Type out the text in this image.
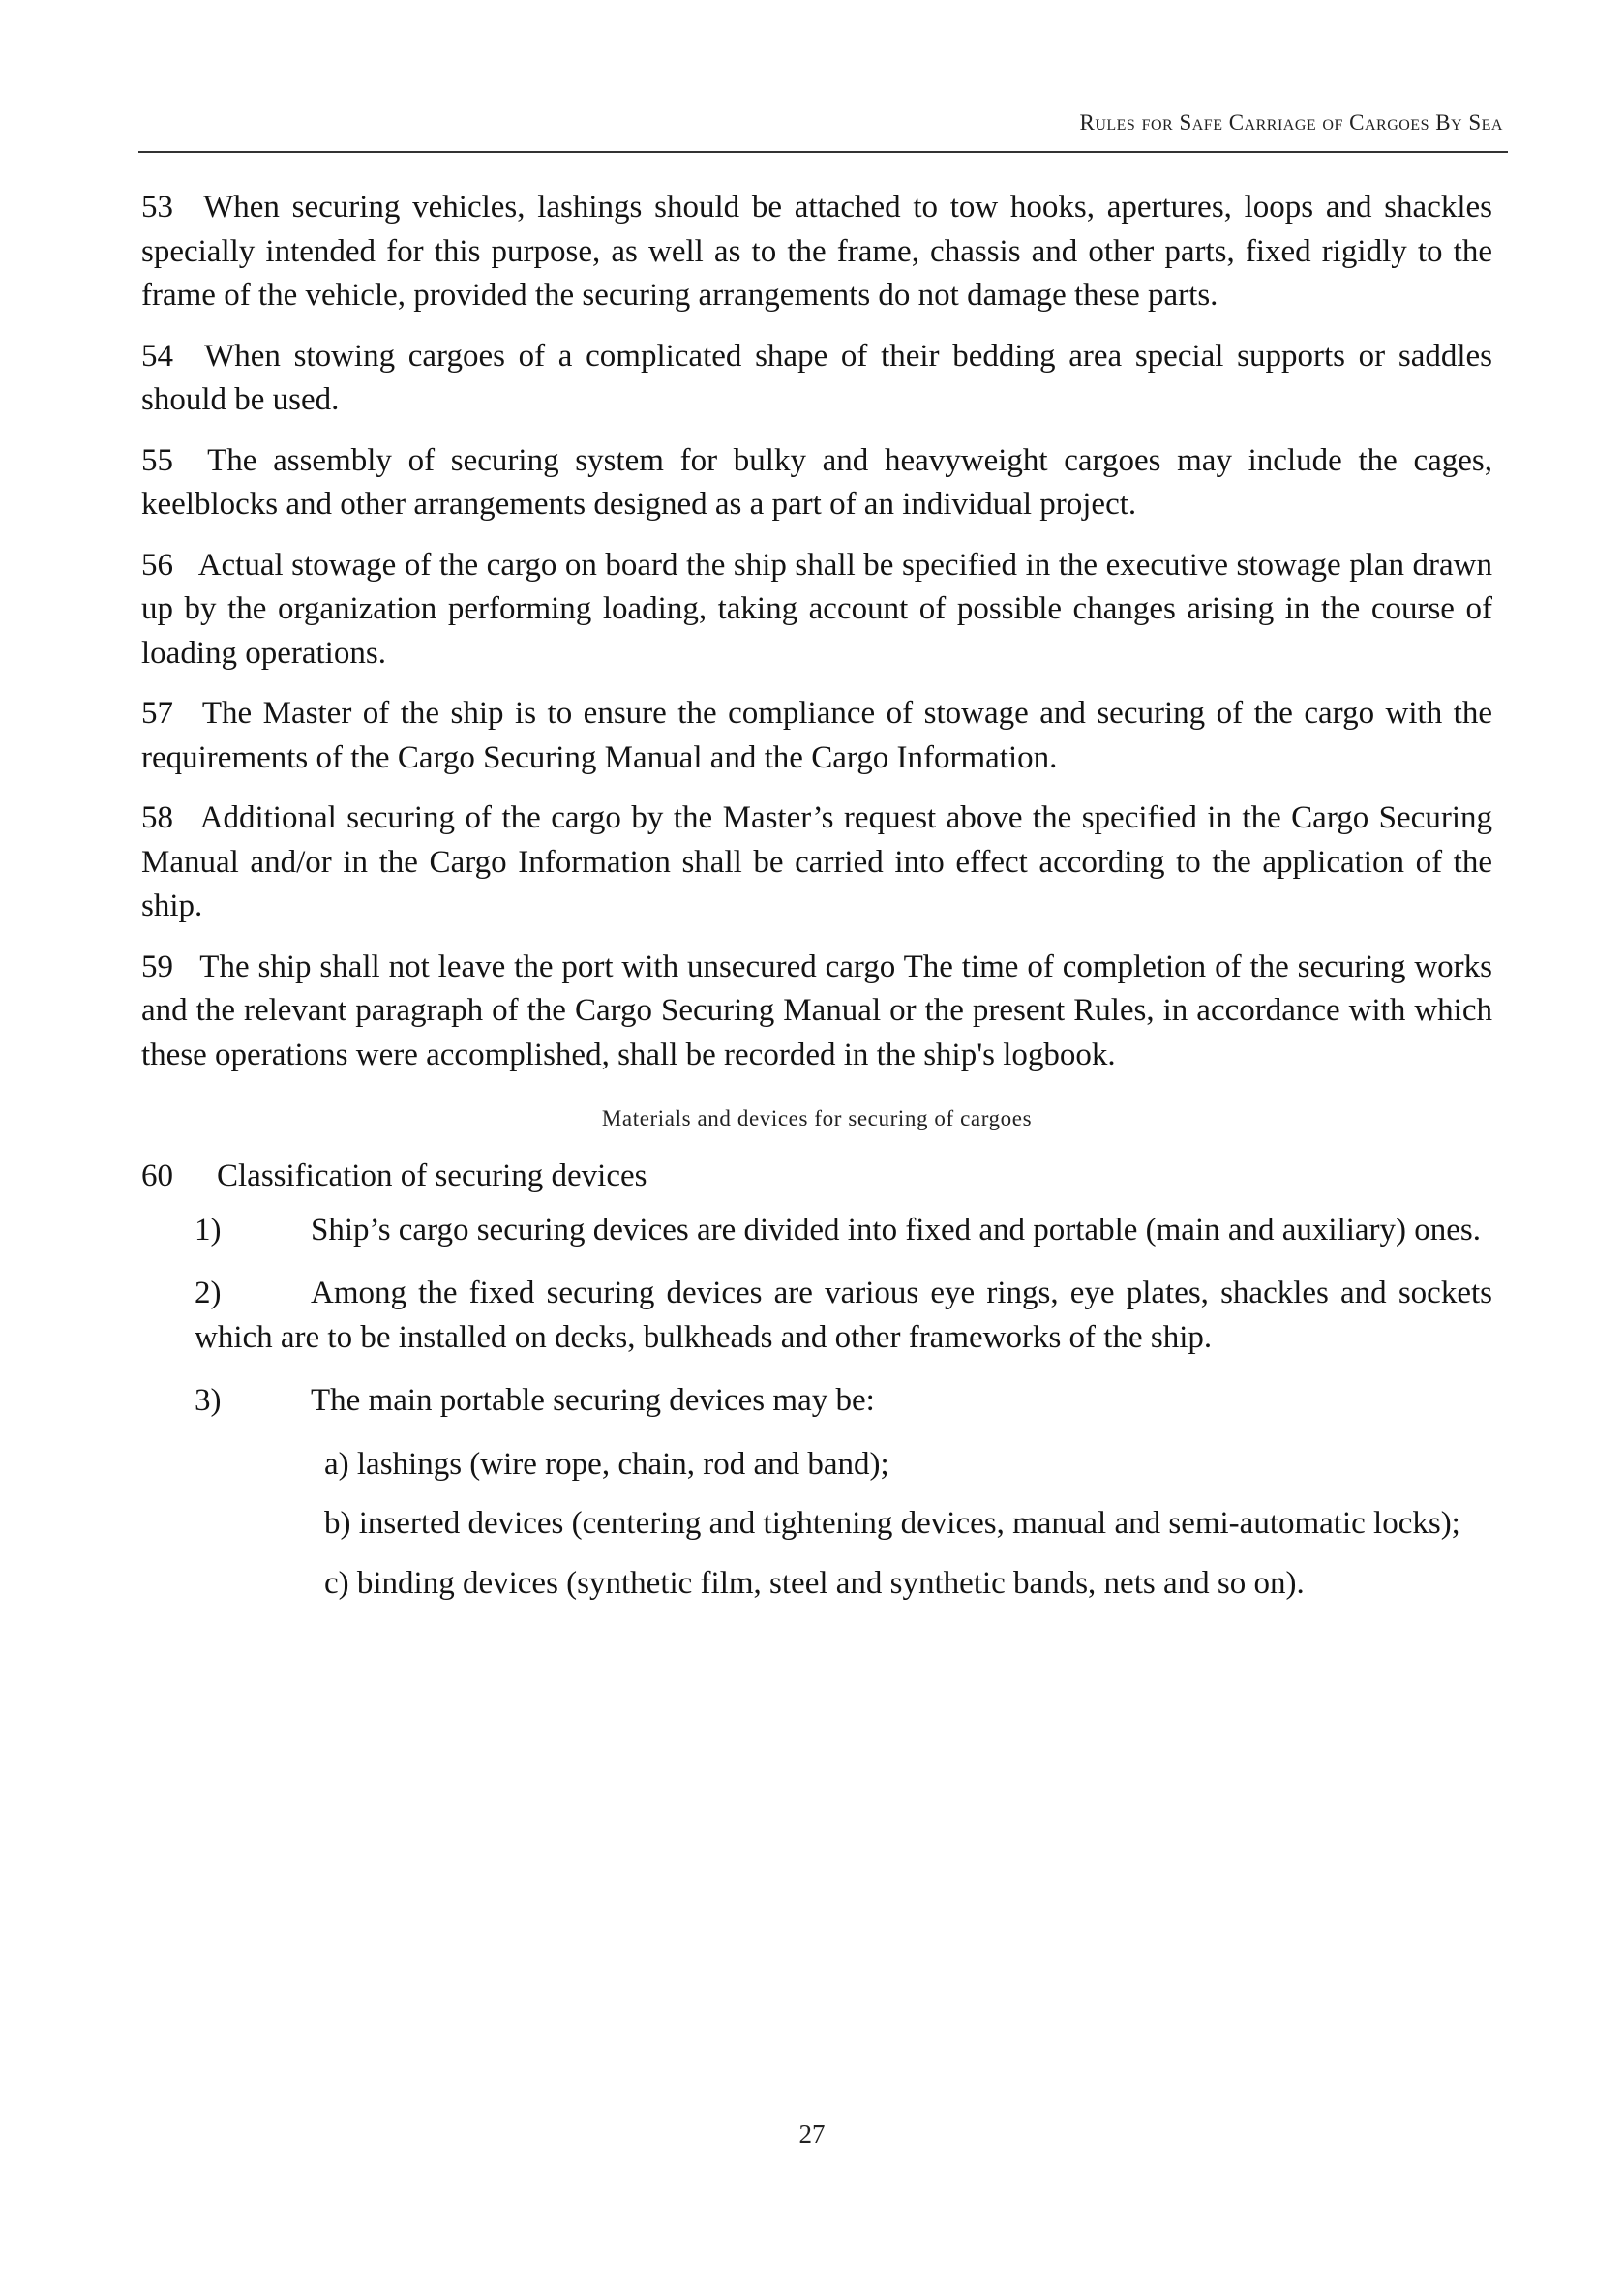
Rules for Safe Carriage of Cargoes By Sea

53 When securing vehicles, lashings should be attached to tow hooks, apertures, loops and shackles specially intended for this purpose, as well as to the frame, chassis and other parts, fixed rigidly to the frame of the vehicle, provided the securing arrangements do not damage these parts.

54 When stowing cargoes of a complicated shape of their bedding area special supports or saddles should be used.

55 The assembly of securing system for bulky and heavyweight cargoes may include the cages, keelblocks and other arrangements designed as a part of an individual project.

56 Actual stowage of the cargo on board the ship shall be specified in the executive stowage plan drawn up by the organization performing loading, taking account of possible changes arising in the course of loading operations.

57 The Master of the ship is to ensure the compliance of stowage and securing of the cargo with the requirements of the Cargo Securing Manual and the Cargo Information.

58 Additional securing of the cargo by the Master’s request above the specified in the Cargo Securing Manual and/or in the Cargo Information shall be carried into effect according to the application of the ship.

59 The ship shall not leave the port with unsecured cargo The time of completion of the securing works and the relevant paragraph of the Cargo Securing Manual or the present Rules, in accordance with which these operations were accomplished, shall be recorded in the ship's logbook.

Materials and devices for securing of cargoes

60 Classification of securing devices

1)	Ship’s cargo securing devices are divided into fixed and portable (main and auxiliary) ones.

2)	Among the fixed securing devices are various eye rings, eye plates, shackles and sockets which are to be installed on decks, bulkheads and other frameworks of the ship.

3)	The main portable securing devices may be:

a) lashings (wire rope, chain, rod and band);

b) inserted devices (centering and tightening devices, manual and semi-automatic locks);

c) binding devices (synthetic film, steel and synthetic bands, nets and so on).

27
